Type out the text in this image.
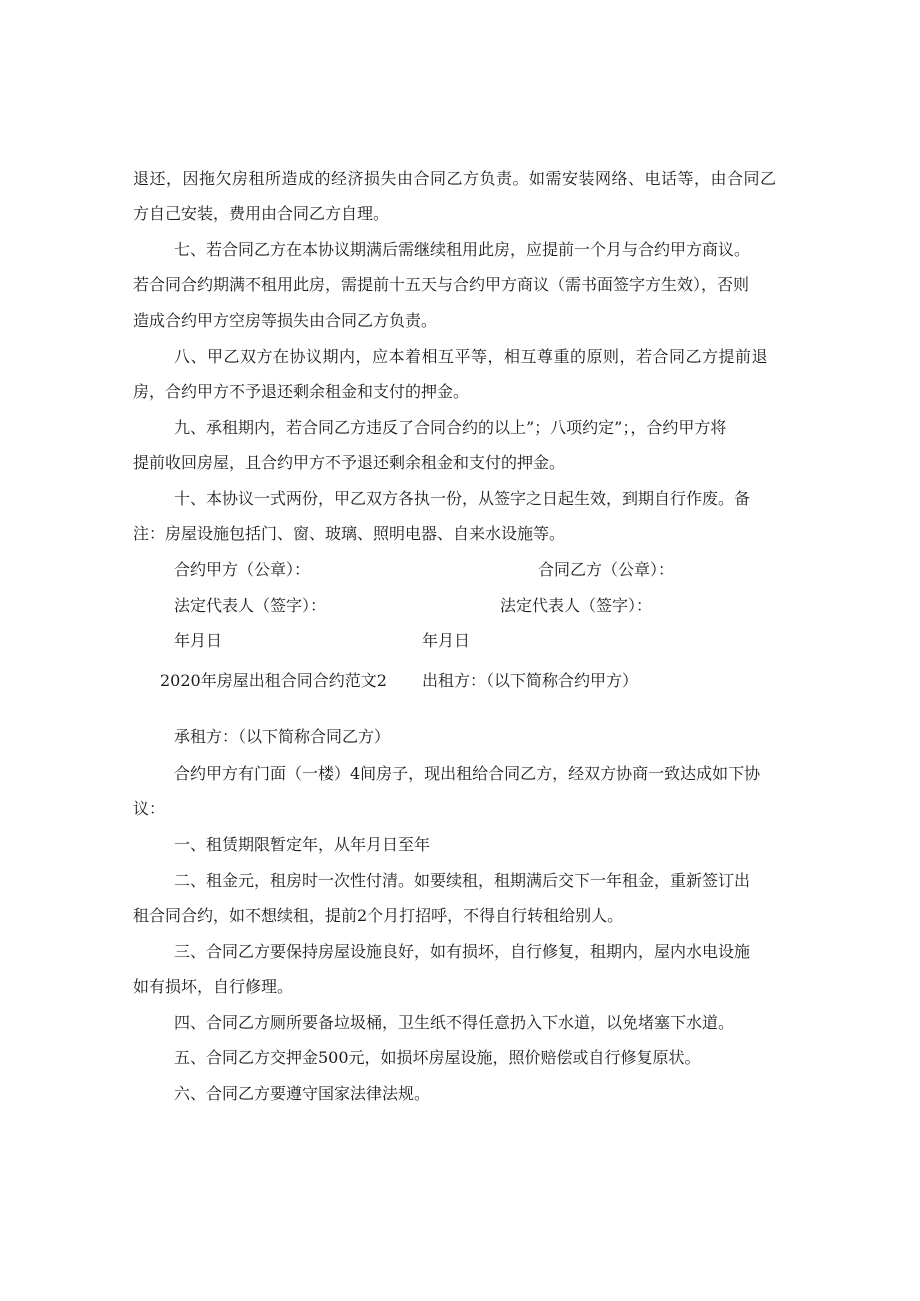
退还，因拖欠房租所造成的经济损失由合同乙方负责。如需安装网络、电话等，由合同乙
方自己安装，费用由合同乙方自理。
七、若合同乙方在本协议期满后需继续租用此房，应提前一个月与合约甲方商议。
若合同合约期满不租用此房，需提前十五天与合约甲方商议（需书面签字方生效），否则
造成合约甲方空房等损失由合同乙方负责。
八、甲乙双方在协议期内，应本着相互平等，相互尊重的原则，若合同乙方提前退
房，合约甲方不予退还剩余租金和支付的押金。
九、承租期内，若合同乙方违反了合同合约的以上”；八项约定”；，合约甲方将
提前收回房屋，且合约甲方不予退还剩余租金和支付的押金。
十、本协议一式两份，甲乙双方各执一份，从签字之日起生效，到期自行作废。备
注：房屋设施包括门、窗、玻璃、照明电器、自来水设施等。
合约甲方（公章）：	合同乙方（公章）：
法定代表人（签字）：	法定代表人（签字）：
年月日	年月日
2020年房屋出租合同合约范文2 出租方：（以下简称合约甲方）
承租方：（以下简称合同乙方）
合约甲方有门面（一楼）4间房子，现出租给合同乙方，经双方协商一致达成如下协
议：
一、租赁期限暂定年，从年月日至年
二、租金元，租房时一次性付清。如要续租，租期满后交下一年租金，重新签订出
租合同合约，如不想续租，提前2个月打招呼，不得自行转租给别人。
三、合同乙方要保持房屋设施良好，如有损坏，自行修复，租期内，屋内水电设施
如有损坏，自行修理。
四、合同乙方厕所要备垃圾桶，卫生纸不得任意扔入下水道，以免堵塞下水道。
五、合同乙方交押金500元，如损坏房屋设施，照价赔偿或自行修复原状。
六、合同乙方要遵守国家法律法规。
